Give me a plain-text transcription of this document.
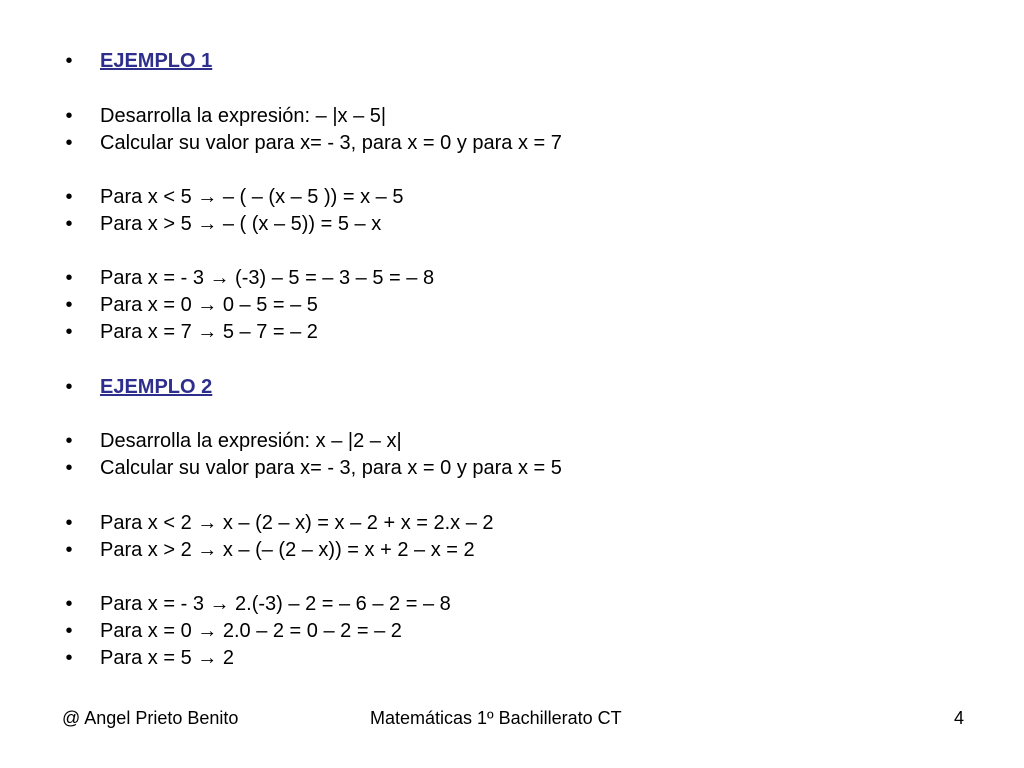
• EJEMPLO 1
• Desarrolla la expresión: – |x – 5|
• Calcular su valor para x= - 3, para x = 0 y para x = 7
• Para x < 5 → – ( – (x – 5 )) = x – 5
• Para x > 5 → – ( (x – 5)) = 5 – x
• Para x = - 3 → (-3) – 5 = – 3 – 5 = – 8
• Para x = 0 → 0 – 5 = – 5
• Para x = 7 → 5 – 7 = – 2
• EJEMPLO 2
• Desarrolla la expresión: x – |2 – x|
• Calcular su valor para x= - 3, para x = 0 y para x = 5
• Para x < 2 → x – (2 – x) = x – 2 + x = 2.x – 2
• Para x > 2 → x – (– (2 – x)) = x + 2 – x = 2
• Para x = - 3 → 2.(-3) – 2 = – 6 – 2 = – 8
• Para x = 0 → 2.0 – 2 = 0 – 2 = – 2
• Para x = 5 → 2
@ Angel Prieto Benito	Matemáticas 1º Bachillerato CT	4
